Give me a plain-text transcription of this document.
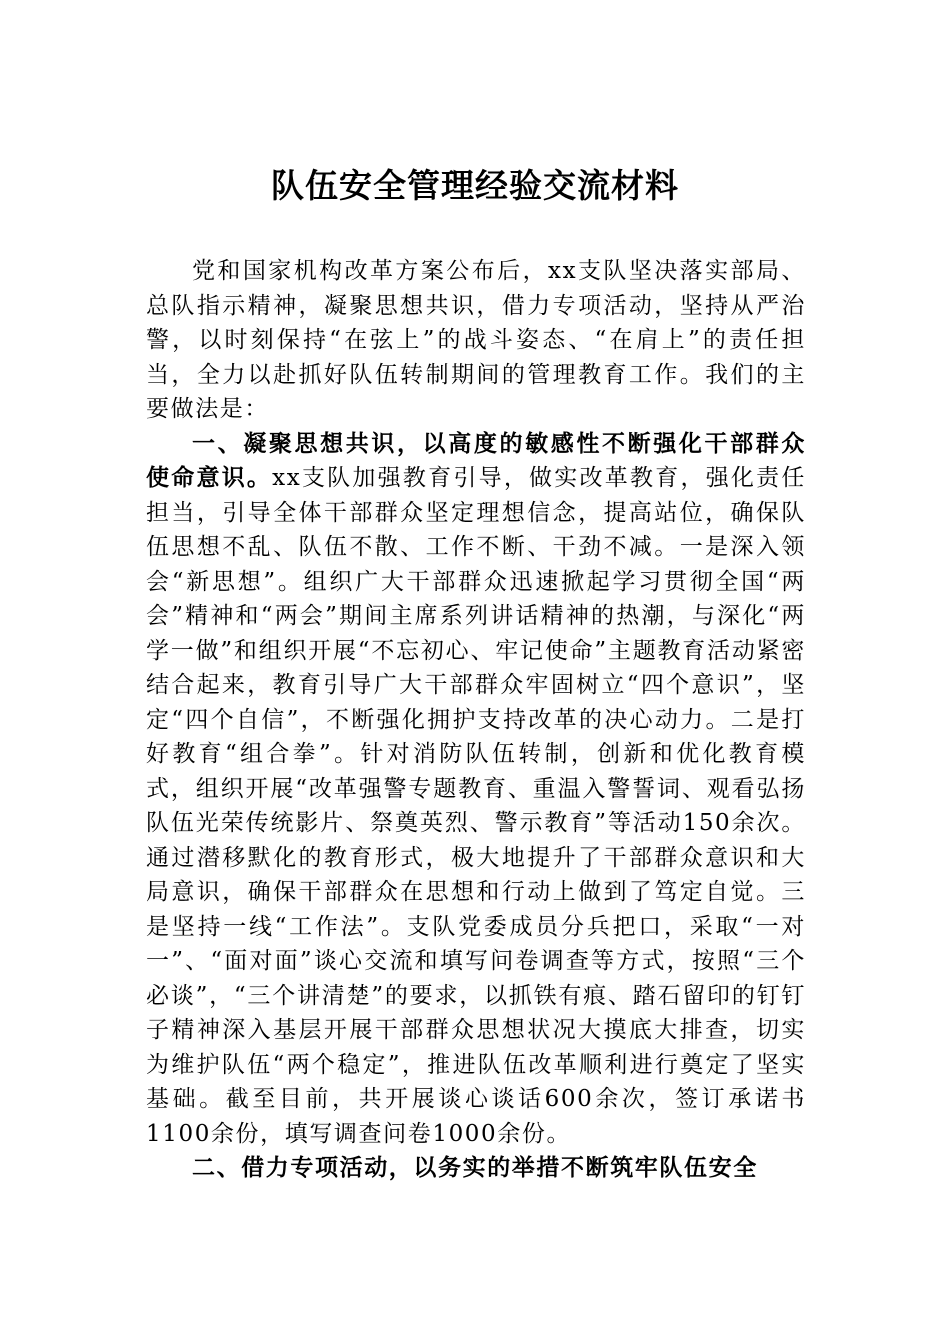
队伍安全管理经验交流材料

党和国家机构改革方案公布后，xx支队坚决落实部局、总队指示精神，凝聚思想共识，借力专项活动，坚持从严治警，以时刻保持“在弦上”的战斗姿态、“在肩上”的责任担当，全力以赴抓好队伍转制期间的管理教育工作。我们的主要做法是：

一、凝聚思想共识，以高度的敏感性不断强化干部群众使命意识。xx支队加强教育引导，做实改革教育，强化责任担当，引导全体干部群众坚定理想信念，提高站位，确保队伍思想不乱、队伍不散、工作不断、干劲不减。一是深入领会“新思想”。组织广大干部群众迅速掀起学习贯彻全国“两会”精神和“两会”期间主席系列讲话精神的热潮，与深化“两学一做”和组织开展“不忘初心、牢记使命”主题教育活动紧密结合起来，教育引导广大干部群众牢固树立“四个意识”，坚定“四个自信”，不断强化拥护支持改革的决心动力。二是打好教育“组合拳”。针对消防队伍转制，创新和优化教育模式，组织开展“改革强警专题教育、重温入警誓词、观看弘扬队伍光荣传统影片、祭奠英烈、警示教育”等活动150余次。通过潜移默化的教育形式，极大地提升了干部群众意识和大局意识，确保干部群众在思想和行动上做到了笃定自觉。三是坚持一线“工作法”。支队党委成员分兵把口，采取“一对一”、“面对面”谈心交流和填写问卷调查等方式，按照“三个必谈”，“三个讲清楚”的要求，以抓铁有痕、踏石留印的钉钉子精神深入基层开展干部群众思想状况大摸底大排查，切实为维护队伍“两个稳定”，推进队伍改革顺利进行奠定了坚实基础。截至目前，共开展谈心谈话600余次，签订承诺书1100余份，填写调查问卷1000余份。

二、借力专项活动，以务实的举措不断筑牢队伍安全
